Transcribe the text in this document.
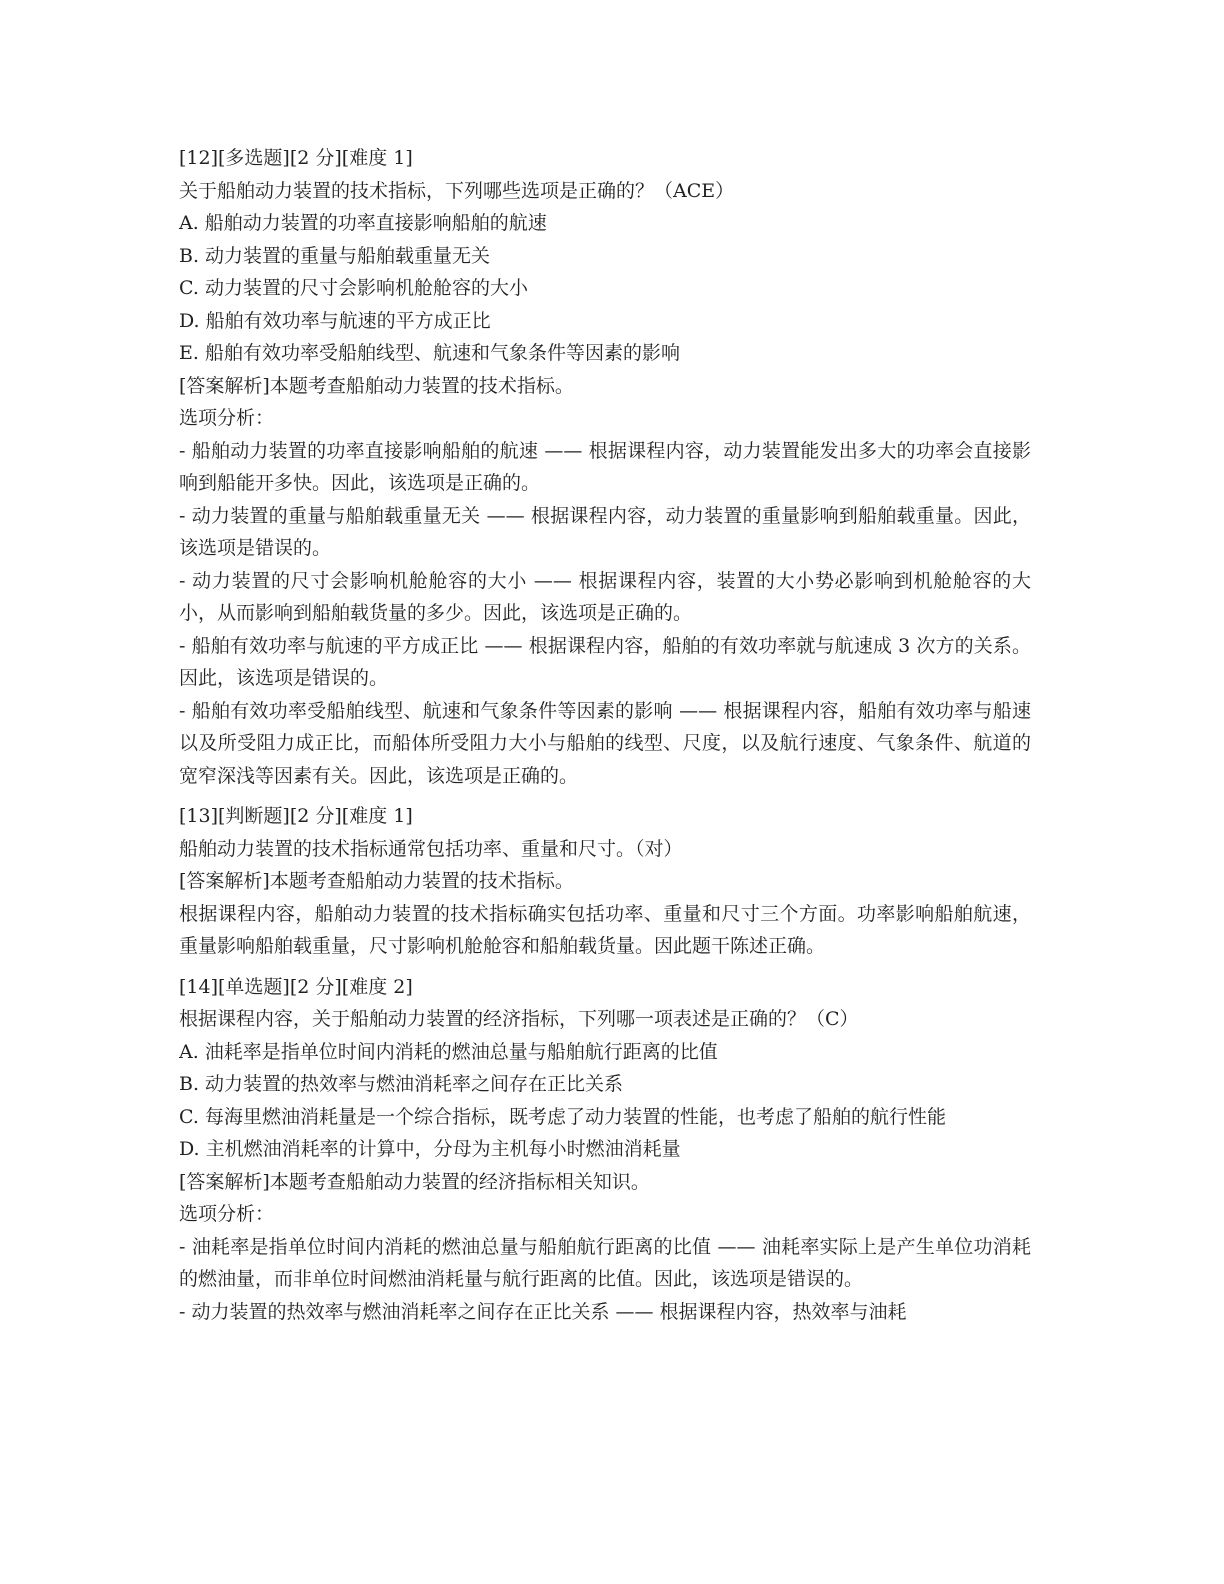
[12][多选题][2 分][难度 1]
关于船舶动力装置的技术指标，下列哪些选项是正确的？（ACE）
A. 船舶动力装置的功率直接影响船舶的航速
B. 动力装置的重量与船舶载重量无关
C. 动力装置的尺寸会影响机舱舱容的大小
D. 船舶有效功率与航速的平方成正比
E. 船舶有效功率受船舶线型、航速和气象条件等因素的影响
[答案解析]本题考查船舶动力装置的技术指标。
选项分析：
- 船舶动力装置的功率直接影响船舶的航速 —— 根据课程内容，动力装置能发出多大的功率会直接影响到船能开多快。因此，该选项是正确的。
- 动力装置的重量与船舶载重量无关 —— 根据课程内容，动力装置的重量影响到船舶载重量。因此，该选项是错误的。
- 动力装置的尺寸会影响机舱舱容的大小 —— 根据课程内容，装置的大小势必影响到机舱舱容的大小，从而影响到船舶载货量的多少。因此，该选项是正确的。
- 船舶有效功率与航速的平方成正比 —— 根据课程内容，船舶的有效功率就与航速成 3 次方的关系。因此，该选项是错误的。
- 船舶有效功率受船舶线型、航速和气象条件等因素的影响 —— 根据课程内容，船舶有效功率与船速以及所受阻力成正比，而船体所受阻力大小与船舶的线型、尺度，以及航行速度、气象条件、航道的宽窄深浅等因素有关。因此，该选项是正确的。
[13][判断题][2 分][难度 1]
船舶动力装置的技术指标通常包括功率、重量和尺寸。（对）
[答案解析]本题考查船舶动力装置的技术指标。
根据课程内容，船舶动力装置的技术指标确实包括功率、重量和尺寸三个方面。功率影响船舶航速，重量影响船舶载重量，尺寸影响机舱舱容和船舶载货量。因此题干陈述正确。
[14][单选题][2 分][难度 2]
根据课程内容，关于船舶动力装置的经济指标，下列哪一项表述是正确的？（C）
A. 油耗率是指单位时间内消耗的燃油总量与船舶航行距离的比值
B. 动力装置的热效率与燃油消耗率之间存在正比关系
C. 每海里燃油消耗量是一个综合指标，既考虑了动力装置的性能，也考虑了船舶的航行性能
D. 主机燃油消耗率的计算中，分母为主机每小时燃油消耗量
[答案解析]本题考查船舶动力装置的经济指标相关知识。
选项分析：
- 油耗率是指单位时间内消耗的燃油总量与船舶航行距离的比值 —— 油耗率实际上是产生单位功消耗的燃油量，而非单位时间燃油消耗量与航行距离的比值。因此，该选项是错误的。
- 动力装置的热效率与燃油消耗率之间存在正比关系 —— 根据课程内容，热效率与油耗
